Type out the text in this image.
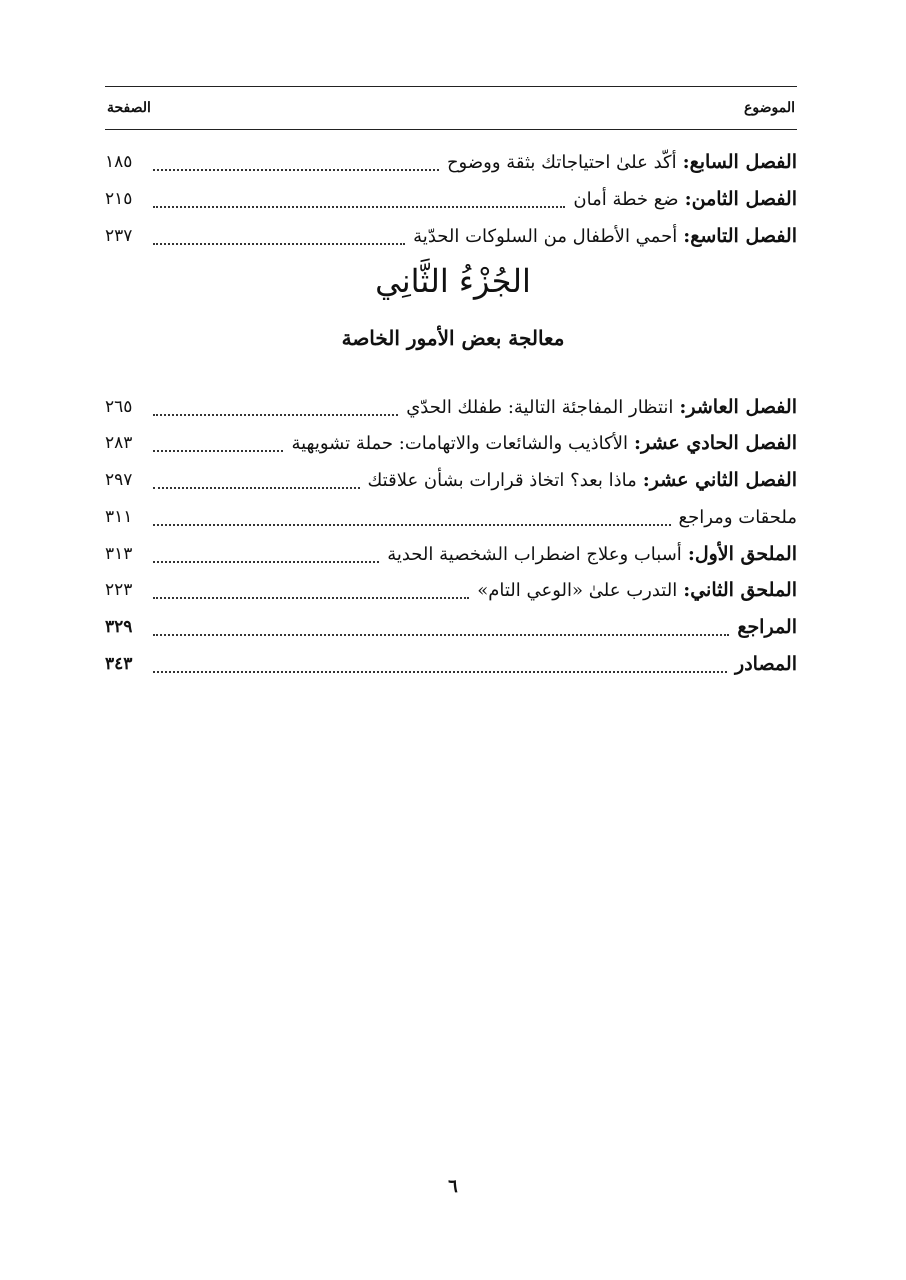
الموضوع
الصفحة
الفصل السابع:
أكّد علىٰ احتياجاتك بثقة ووضوح
١٨٥
الفصل الثامن:
ضع خطة أمان
٢١٥
الفصل التاسع:
أحمي الأطفال من السلوكات الحدّية
٢٣٧
الجُزْءُ الثَّانِي
معالجة بعض الأمور الخاصة
الفصل العاشر:
انتظار المفاجئة التالية: طفلك الحدّي
٢٦٥
الفصل الحادي عشر:
الأكاذيب والشائعات والاتهامات: حملة تشويهية
٢٨٣
الفصل الثاني عشر:
ماذا بعد؟ اتخاذ قرارات بشأن علاقتك
٢٩٧
ملحقات ومراجع
٣١١
الملحق الأول:
أسباب وعلاج اضطراب الشخصية الحدية
٣١٣
الملحق الثاني:
التدرب علىٰ «الوعي التام»
٢٢٣
المراجع
٣٢٩
المصادر
٣٤٣
٦
